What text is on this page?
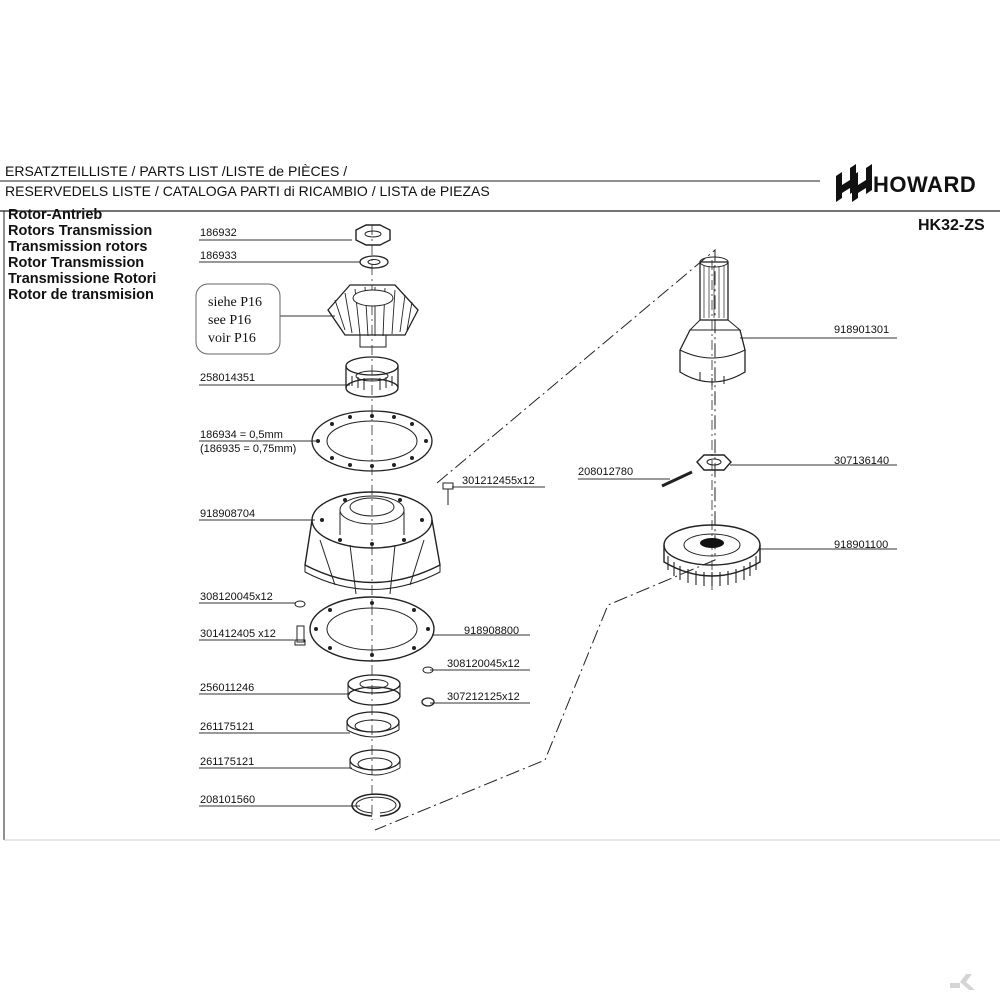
ERSATZTEILLISTE / PARTS LIST /LISTE de PIÈCES /
RESERVEDELS LISTE / CATALOGA PARTI di RICAMBIO / LISTA de PIEZAS	HOWARD
HK32-ZS
Rotor-Antrieb
Rotors Transmission
Transmission rotors
Rotor Transmission
Transmissione Rotori
Rotor de transmision	siehe P16
see P16
voir P16
186932
186933
258014351
186934 = 0,5mm
(186935 = 0,75mm)
918908704
308120045x12
301412405 x12
256011246
261175121
261175121
208101560
301212455x12
918908800
308120045x12
307212125x12
918901301
208012780
307136140
918901100
